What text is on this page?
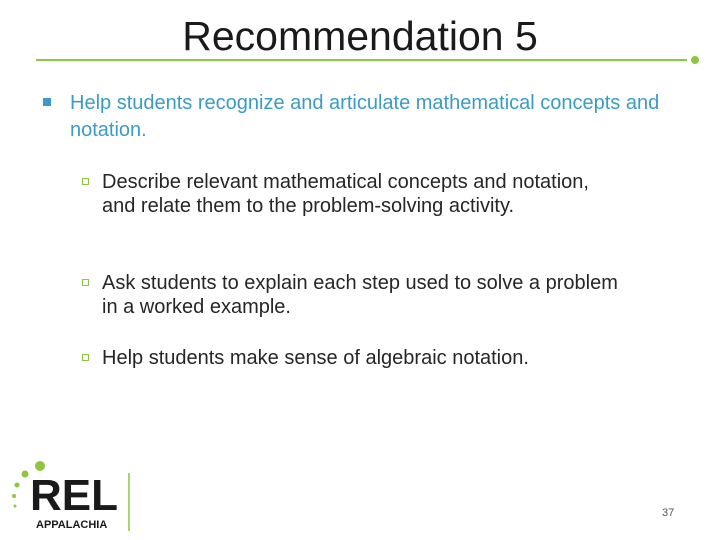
Recommendation 5
Help students recognize and articulate mathematical concepts and notation.
Describe relevant mathematical concepts and notation, and relate them to the problem-solving activity.
Ask students to explain each step used to solve a problem in a worked example.
Help students make sense of algebraic notation.
REL
APPALACHIA
37
